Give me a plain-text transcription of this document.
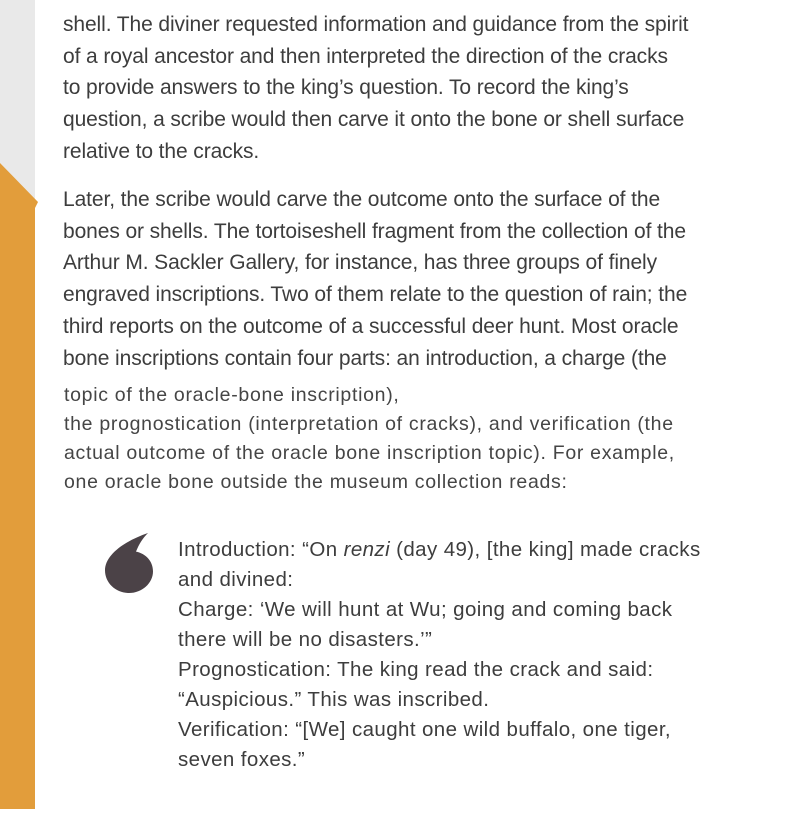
shell. The diviner requested information and guidance from the spirit
of a royal ancestor and then interpreted the direction of the cracks
to provide answers to the king’s question. To record the king’s
question, a scribe would then carve it onto the bone or shell surface
relative to the cracks.
Later, the scribe would carve the outcome onto the surface of the
bones or shells. The tortoiseshell fragment from the collection of the
Arthur M. Sackler Gallery, for instance, has three groups of finely
engraved inscriptions. Two of them relate to the question of rain; the
third reports on the outcome of a successful deer hunt. Most oracle
bone inscriptions contain four parts: an introduction, a charge (the
topic of the oracle-bone inscription),
the prognostication (interpretation of cracks), and verification (the
actual outcome of the oracle bone inscription topic). For example,
one oracle bone outside the museum collection reads:
Introduction: “On renzi (day 49), [the king] made cracks
and divined:
Charge: ‘We will hunt at Wu; going and coming back
there will be no disasters.’”
Prognostication: The king read the crack and said:
“Auspicious.” This was inscribed.
Verification: “[We] caught one wild buffalo, one tiger,
seven foxes.”
